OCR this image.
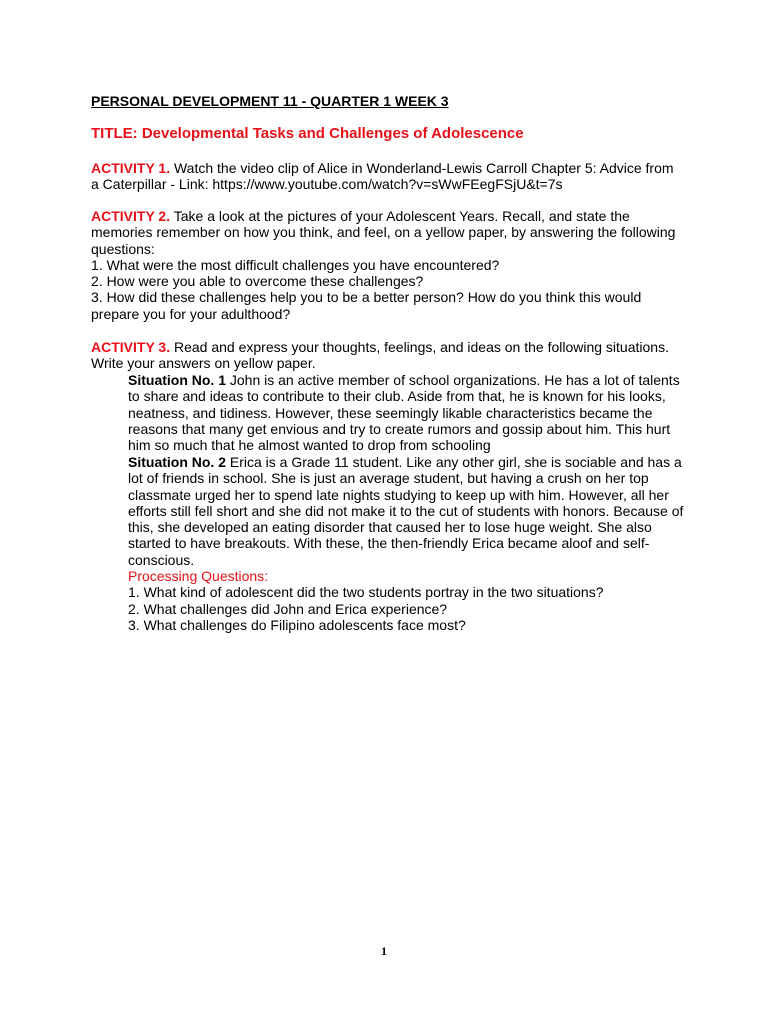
PERSONAL DEVELOPMENT 11 - QUARTER 1 WEEK 3
TITLE: Developmental Tasks and Challenges of Adolescence
ACTIVITY 1. Watch the video clip of Alice in Wonderland-Lewis Carroll Chapter 5: Advice from
a Caterpillar - Link: https://www.youtube.com/watch?v=sWwFEegFSjU&t=7s
ACTIVITY 2. Take a look at the pictures of your Adolescent Years. Recall, and state the
memories remember on how you think, and feel, on a yellow paper, by answering the following
questions:
1. What were the most difficult challenges you have encountered?
2. How were you able to overcome these challenges?
3. How did these challenges help you to be a better person? How do you think this would
prepare you for your adulthood?
ACTIVITY 3. Read and express your thoughts, feelings, and ideas on the following situations.
Write your answers on yellow paper.
Situation No. 1 John is an active member of school organizations. He has a lot of talents
to share and ideas to contribute to their club. Aside from that, he is known for his looks,
neatness, and tidiness. However, these seemingly likable characteristics became the
reasons that many get envious and try to create rumors and gossip about him. This hurt
him so much that he almost wanted to drop from schooling
Situation No. 2 Erica is a Grade 11 student. Like any other girl, she is sociable and has a
lot of friends in school. She is just an average student, but having a crush on her top
classmate urged her to spend late nights studying to keep up with him. However, all her
efforts still fell short and she did not make it to the cut of students with honors. Because of
this, she developed an eating disorder that caused her to lose huge weight. She also
started to have breakouts. With these, the then-friendly Erica became aloof and self-
conscious.
Processing Questions:
1. What kind of adolescent did the two students portray in the two situations?
2. What challenges did John and Erica experience?
3. What challenges do Filipino adolescents face most?
1
